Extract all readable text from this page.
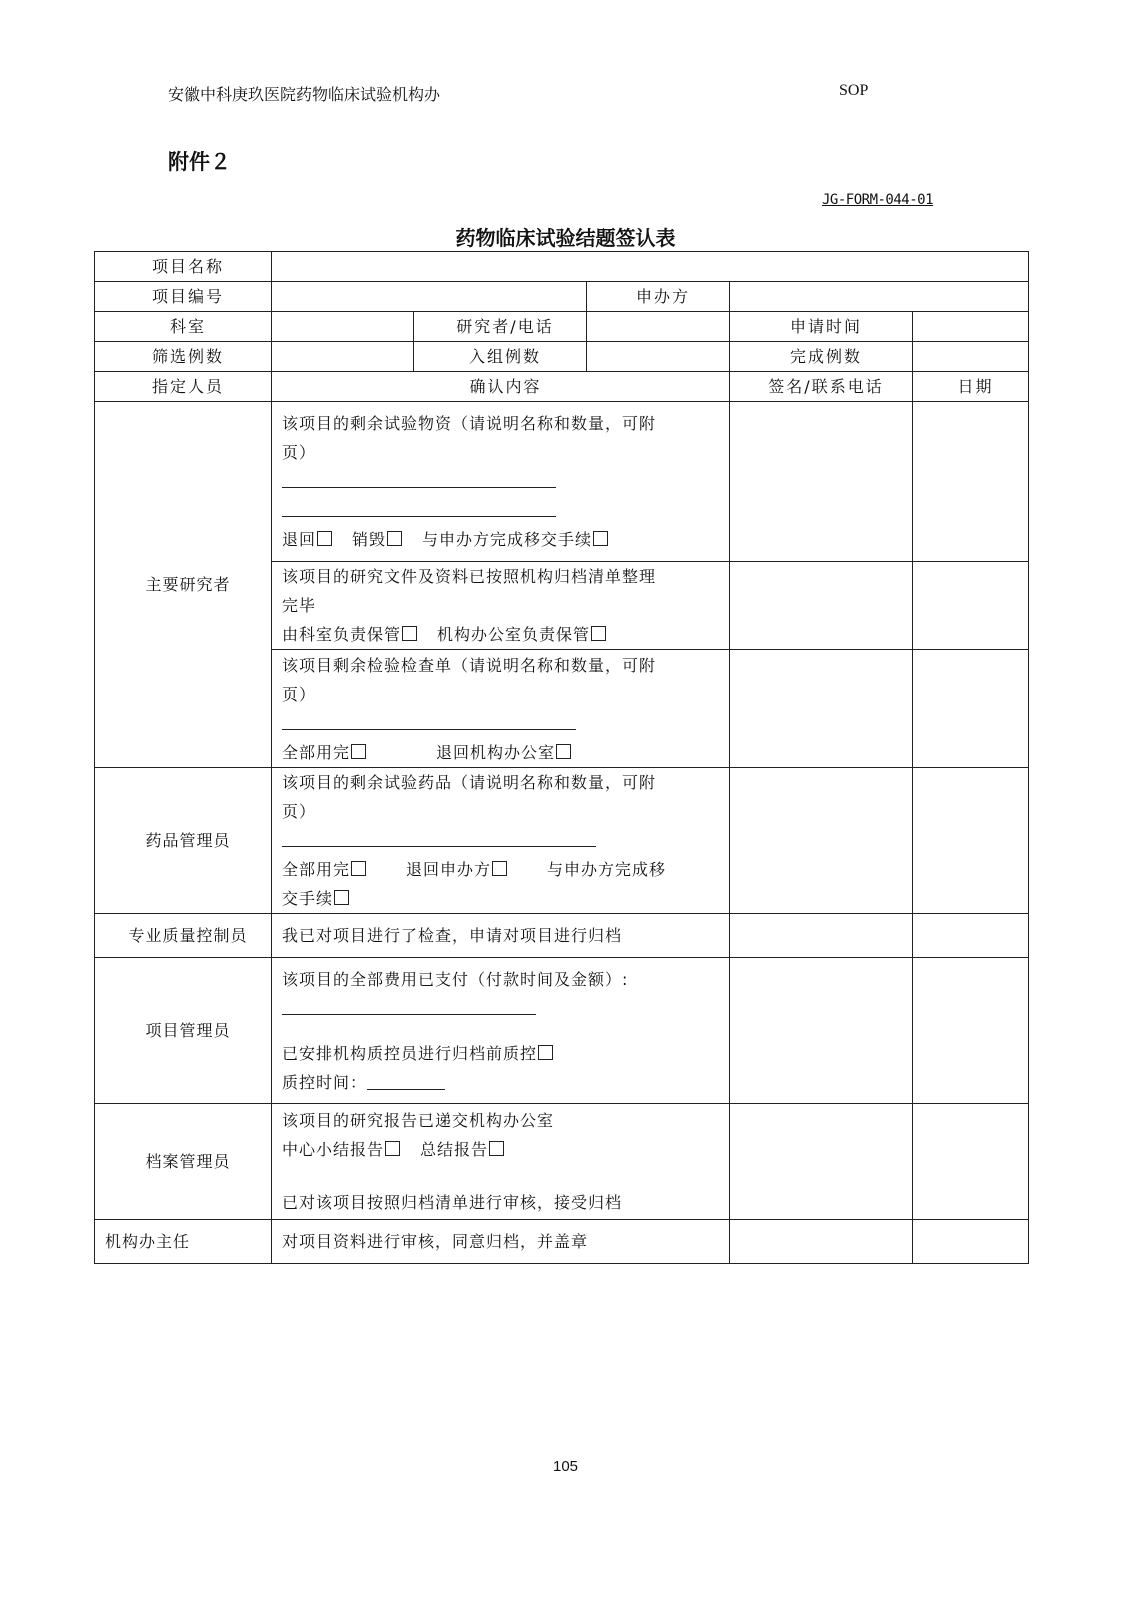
安徽中科庚玖医院药物临床试验机构办	SOP
附件２
JG-FORM-044-01
药物临床试验结题签认表
项目名称					
项目编号			申办方		
科室		研究者/电话		申请时间	
筛选例数		入组例数		完成例数	
指定人员	确认内容			签名/联系电话	日期
主要研究者	该项目的剩余试验物资（请说明名称和数量，可附

页）

退回 销毁 与申办方完成移交手续				

	该项目的研究文件及资料已按照机构归档清单整理

完毕

由科室负责保管 机构办公室负责保管				

	该项目剩余检验检查单（请说明名称和数量，可附

页）

全部用完 退回机构办公室				

药品管理员	该项目的剩余试验药品（请说明名称和数量，可附

页）

全部用完 退回申办方 与申办方完成移

交手续				

专业质量控制员	我已对项目进行了检查，申请对项目进行归档				

项目管理员	该项目的全部费用已支付（付款时间及金额）:

已安排机构质控员进行归档前质控

质控时间：				

档案管理员	该项目的研究报告已递交机构办公室

中心小结报告 总结报告

已对该项目按照归档清单进行审核，接受归档				

机构办主任	对项目资料进行审核，同意归档，并盖章				

105
